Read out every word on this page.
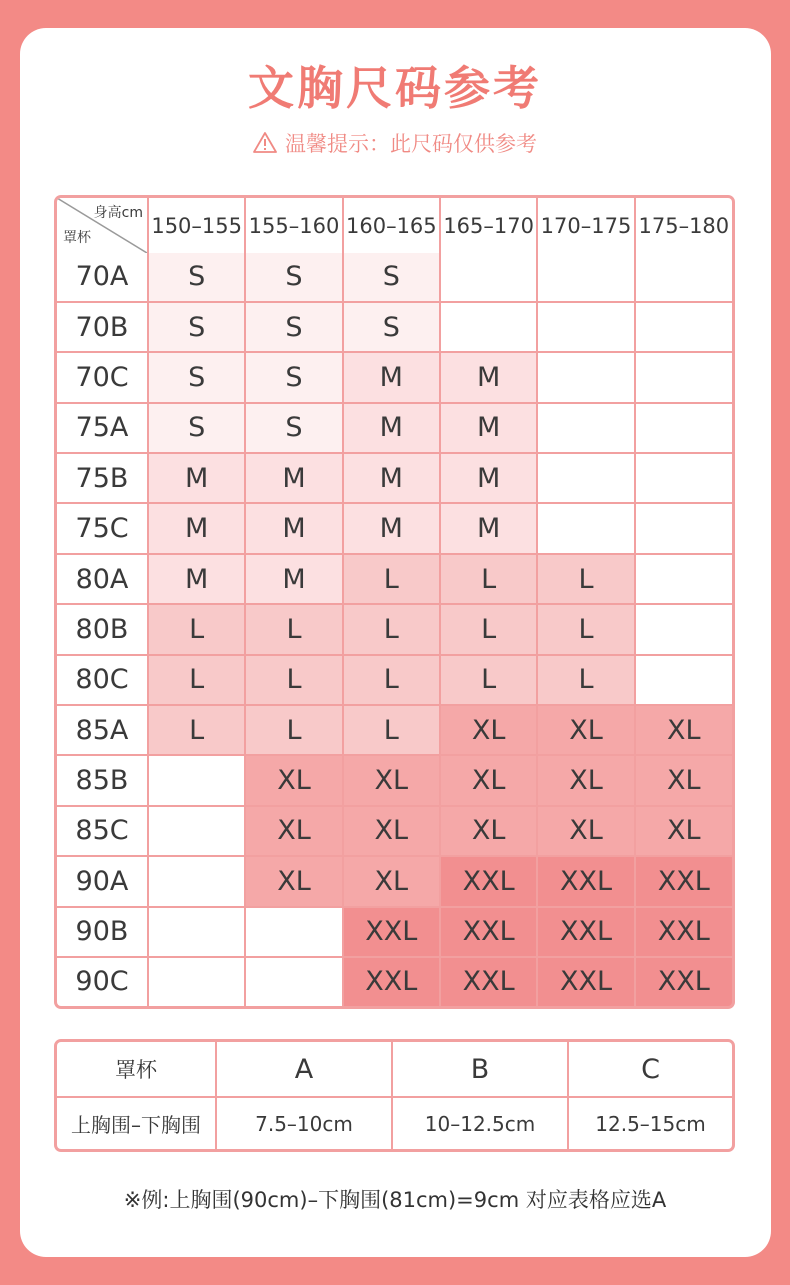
文胸尺码参考
温馨提示：此尺码仅供参考
身高cm
罩杯	150–155	155–160	160–165	165–170	170–175	175–180
70A	S	S	S			
70B	S	S	S			
70C	S	S	M	M		
75A	S	S	M	M		
75B	M	M	M	M		
75C	M	M	M	M		
80A	M	M	L	L	L	
80B	L	L	L	L	L	
80C	L	L	L	L	L	
85A	L	L	L	XL	XL	XL
85B		XL	XL	XL	XL	XL
85C		XL	XL	XL	XL	XL
90A		XL	XL	XXL	XXL	XXL
90B			XXL	XXL	XXL	XXL
90C			XXL	XXL	XXL	XXL
罩杯	A	B	C
上胸围–下胸围	7.5–10cm	10–12.5cm	12.5–15cm
※例:上胸围(90cm)–下胸围(81cm)=9cm 对应表格应选A
